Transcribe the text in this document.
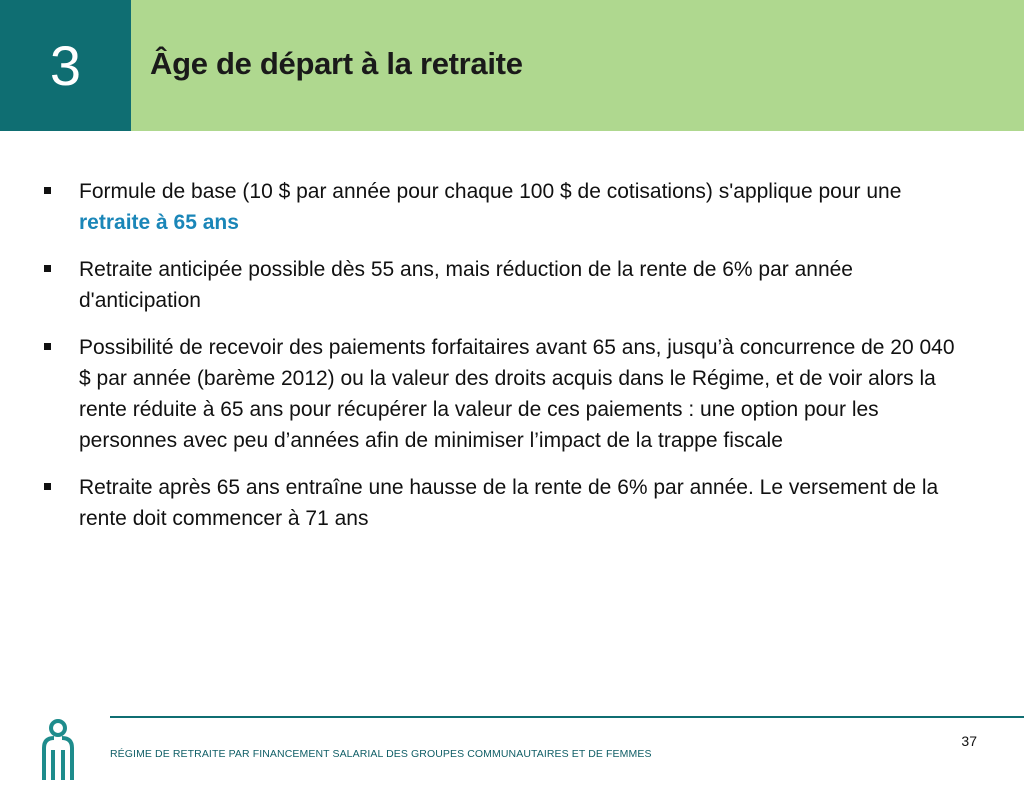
3 Âge de départ à la retraite
Formule de base (10 $ par année pour chaque 100 $ de cotisations) s'applique pour une retraite à 65 ans
Retraite anticipée possible dès 55 ans, mais réduction de la rente de 6% par année d'anticipation
Possibilité de recevoir des paiements forfaitaires avant 65 ans, jusqu’à concurrence de 20 040 $ par année (barème 2012) ou la valeur des droits acquis dans le Régime, et de voir alors la rente réduite à 65 ans pour récupérer la valeur de ces paiements : une option pour les personnes avec peu d’années afin de minimiser l’impact de la trappe fiscale
Retraite après 65 ans entraîne une hausse de la rente de 6% par année. Le versement de la rente doit commencer à 71 ans
RÉGIME DE RETRAITE PAR FINANCEMENT SALARIAL DES GROUPES COMMUNAUTAIRES ET DE FEMMES
37
